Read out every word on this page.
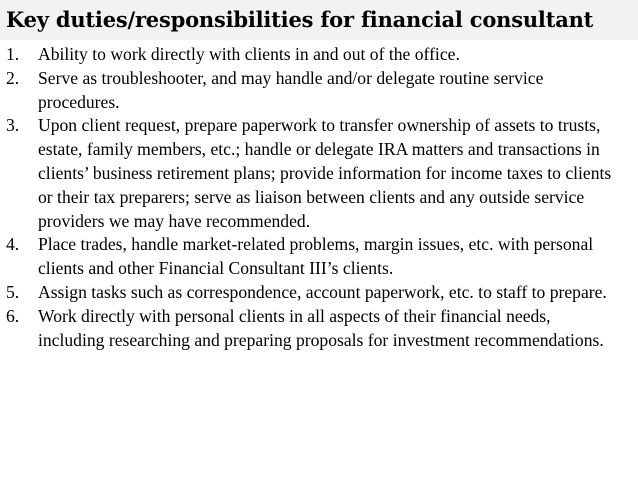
Key duties/responsibilities for financial consultant
1. Ability to work directly with clients in and out of the office.
2. Serve as troubleshooter, and may handle and/or delegate routine service procedures.
3. Upon client request, prepare paperwork to transfer ownership of assets to trusts, estate, family members, etc.; handle or delegate IRA matters and transactions in clients’ business retirement plans; provide information for income taxes to clients or their tax preparers; serve as liaison between clients and any outside service providers we may have recommended.
4. Place trades, handle market-related problems, margin issues, etc. with personal clients and other Financial Consultant III’s clients.
5. Assign tasks such as correspondence, account paperwork, etc. to staff to prepare.
6. Work directly with personal clients in all aspects of their financial needs, including researching and preparing proposals for investment recommendations.
